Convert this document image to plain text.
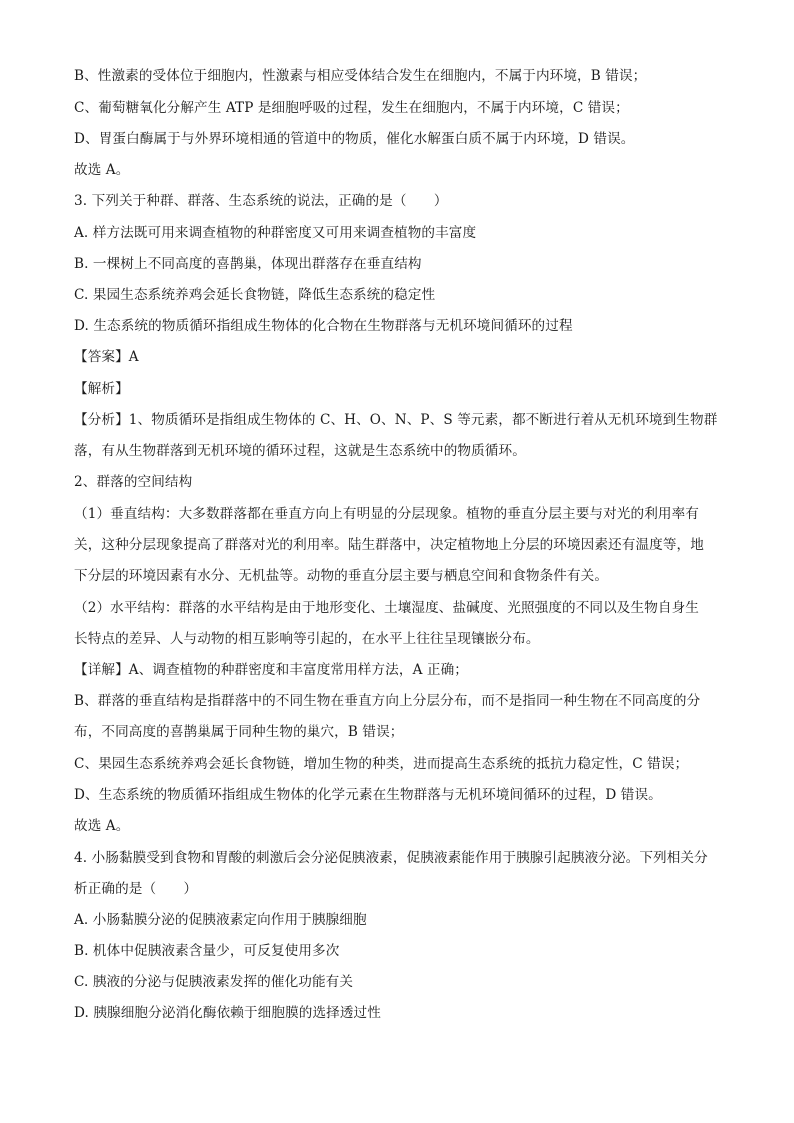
B、性激素的受体位于细胞内，性激素与相应受体结合发生在细胞内，不属于内环境，B 错误；
C、葡萄糖氧化分解产生 ATP 是细胞呼吸的过程，发生在细胞内，不属于内环境，C 错误；
D、胃蛋白酶属于与外界环境相通的管道中的物质，催化水解蛋白质不属于内环境，D 错误。
故选 A。
3. 下列关于种群、群落、生态系统的说法，正确的是（　　）
A. 样方法既可用来调查植物的种群密度又可用来调查植物的丰富度
B. 一棵树上不同高度的喜鹊巢，体现出群落存在垂直结构
C. 果园生态系统养鸡会延长食物链，降低生态系统的稳定性
D. 生态系统的物质循环指组成生物体的化合物在生物群落与无机环境间循环的过程
【答案】A
【解析】
【分析】1、物质循环是指组成生物体的 C、H、O、N、P、S 等元素，都不断进行着从无机环境到生物群
落，有从生物群落到无机环境的循环过程，这就是生态系统中的物质循环。
2、群落的空间结构
（1）垂直结构：大多数群落都在垂直方向上有明显的分层现象。植物的垂直分层主要与对光的利用率有
关，这种分层现象提高了群落对光的利用率。陆生群落中，决定植物地上分层的环境因素还有温度等，地
下分层的环境因素有水分、无机盐等。动物的垂直分层主要与栖息空间和食物条件有关。
（2）水平结构：群落的水平结构是由于地形变化、土壤湿度、盐碱度、光照强度的不同以及生物自身生
长特点的差异、人与动物的相互影响等引起的，在水平上往往呈现镶嵌分布。
【详解】A、调查植物的种群密度和丰富度常用样方法，A 正确；
B、群落的垂直结构是指群落中的不同生物在垂直方向上分层分布，而不是指同一种生物在不同高度的分
布，不同高度的喜鹊巢属于同种生物的巢穴，B 错误；
C、果园生态系统养鸡会延长食物链，增加生物的种类，进而提高生态系统的抵抗力稳定性，C 错误；
D、生态系统的物质循环指组成生物体的化学元素在生物群落与无机环境间循环的过程，D 错误。
故选 A。
4. 小肠黏膜受到食物和胃酸的刺激后会分泌促胰液素，促胰液素能作用于胰腺引起胰液分泌。下列相关分
析正确的是（　　）
A. 小肠黏膜分泌的促胰液素定向作用于胰腺细胞
B. 机体中促胰液素含量少，可反复使用多次
C. 胰液的分泌与促胰液素发挥的催化功能有关
D. 胰腺细胞分泌消化酶依赖于细胞膜的选择透过性
